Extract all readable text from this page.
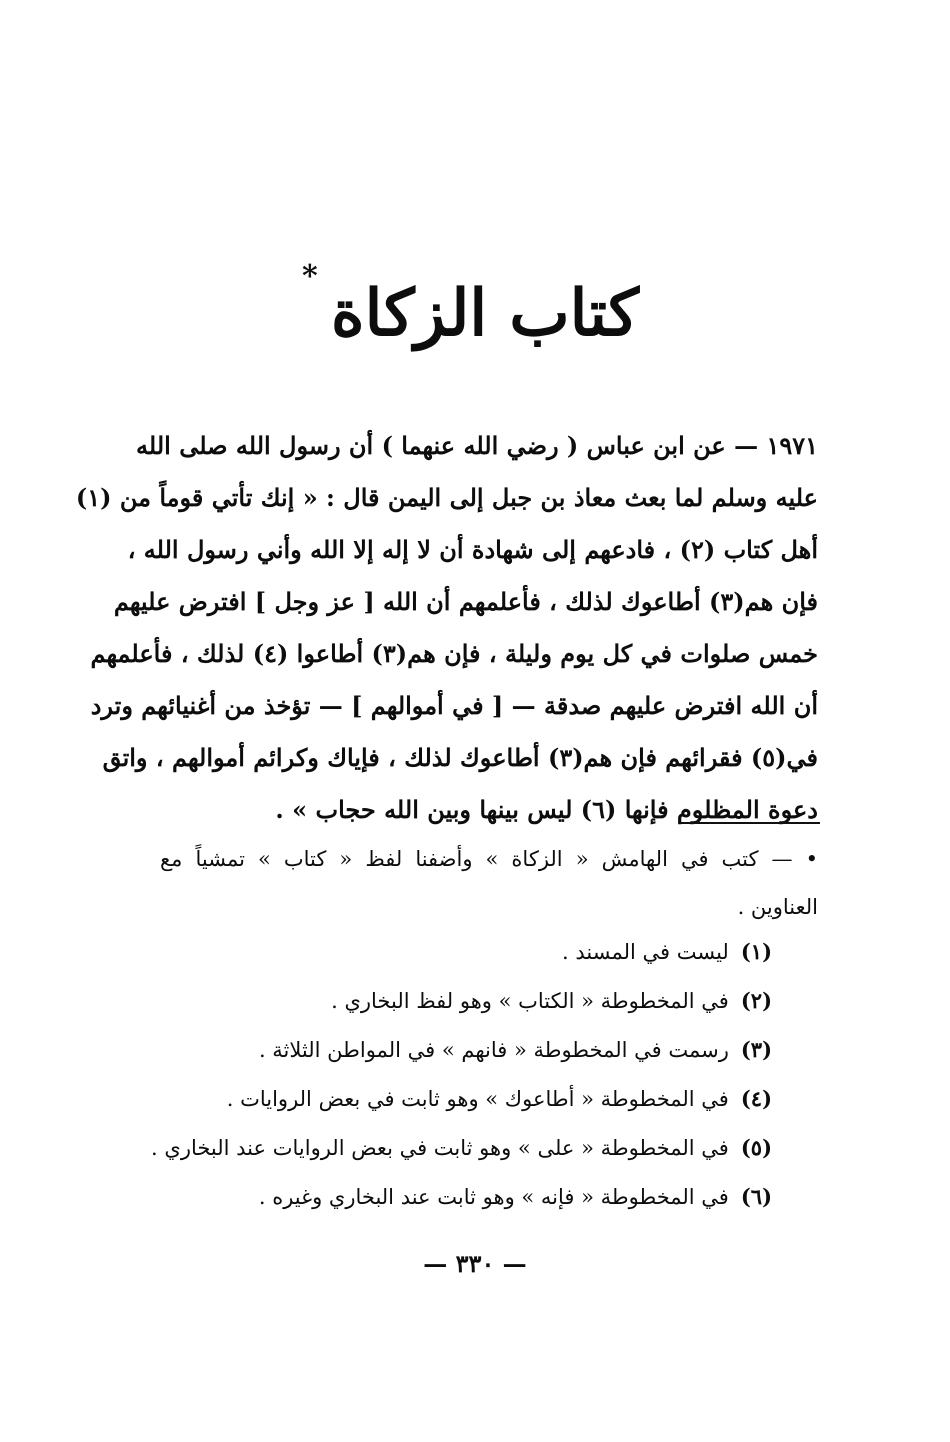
كتاب الزكاة
*
١٩٧١ — عن ابن عباس ( رضي الله عنهما ) أن رسول الله صلى الله
عليه وسلم لما بعث معاذ بن جبل إلى اليمن قال : « إنك تأتي قوماً من (١)
أهل كتاب (٢) ، فادعهم إلى شهادة أن لا إله إلا الله وأني رسول الله ،
فإن هم(٣) أطاعوك لذلك ، فأعلمهم أن الله [ عز وجل ] افترض عليهم
خمس صلوات في كل يوم وليلة ، فإن هم(٣) أطاعوا (٤) لذلك ، فأعلمهم
أن الله افترض عليهم صدقة — [ في أموالهم ] — تؤخذ من أغنيائهم وترد
في(٥) فقرائهم فإن هم(٣) أطاعوك لذلك ، فإياك وكرائم أموالهم ، واتق
دعوة المظلوم فإنها (٦) ليس بينها وبين الله حجاب » .
• — كتب في الهامش « الزكاة » وأضفنا لفظ « كتاب » تمشياً مع
العناوين .
(١)ليست في المسند .
(٢)في المخطوطة « الكتاب » وهو لفظ البخاري .
(٣)رسمت في المخطوطة « فانهم » في المواطن الثلاثة .
(٤)في المخطوطة « أطاعوك » وهو ثابت في بعض الروايات .
(٥)في المخطوطة « على » وهو ثابت في بعض الروايات عند البخاري .
(٦)في المخطوطة « فإنه » وهو ثابت عند البخاري وغيره .
— ٣٣٠ —
